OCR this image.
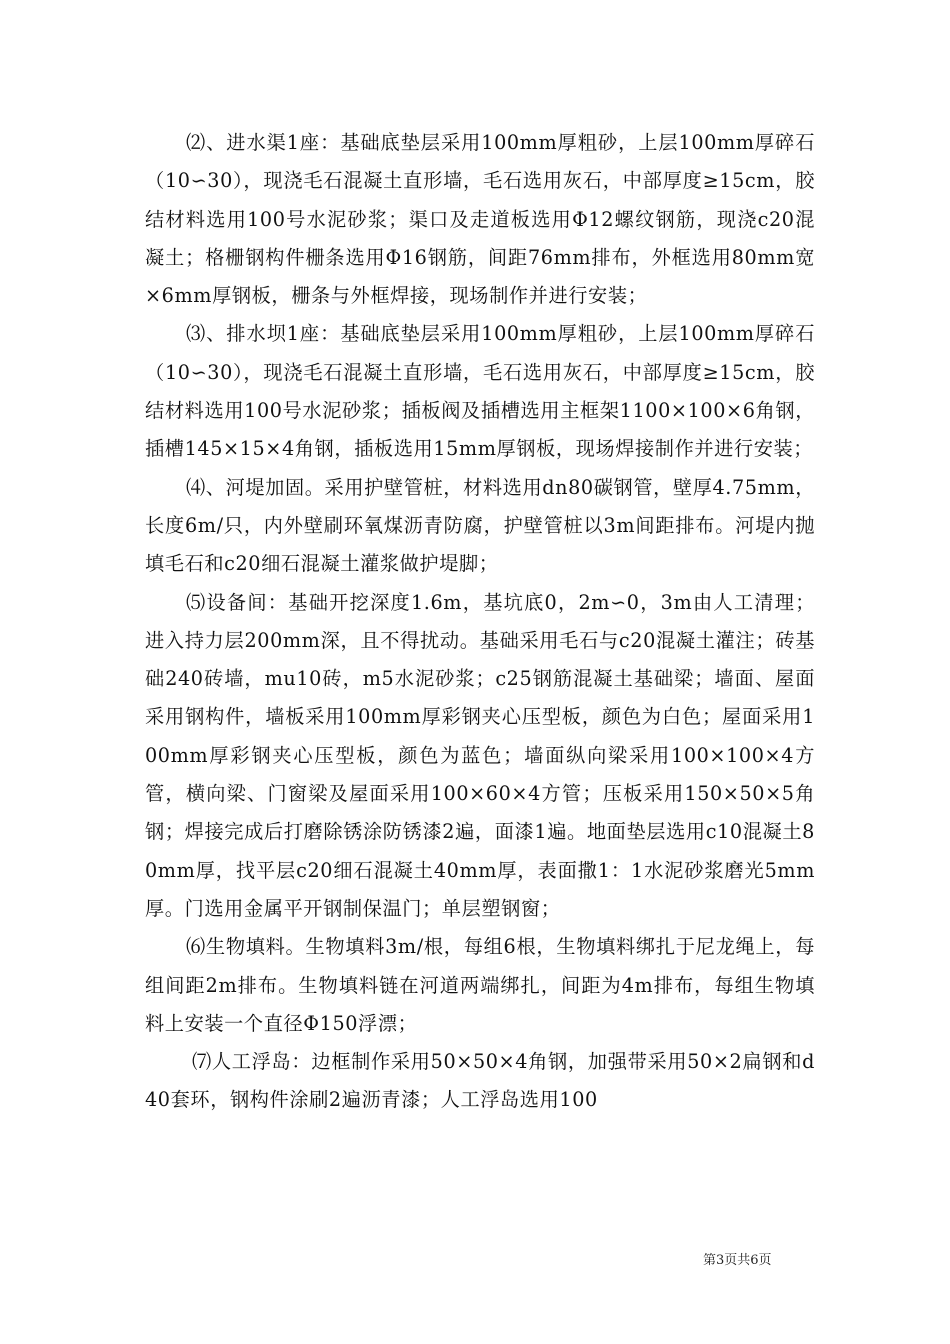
⑵、进水渠1座：基础底垫层采用100mm厚粗砂，上层100mm厚碎石（10∽30），现浇毛石混凝土直形墙，毛石选用灰石，中部厚度≥15cm，胶结材料选用100号水泥砂浆；渠口及走道板选用Φ12螺纹钢筋，现浇c20混凝土；格栅钢构件栅条选用Φ16钢筋，间距76mm排布，外框选用80mm宽×6mm厚钢板，栅条与外框焊接，现场制作并进行安装；

⑶、排水坝1座：基础底垫层采用100mm厚粗砂，上层100mm厚碎石（10∽30），现浇毛石混凝土直形墙，毛石选用灰石，中部厚度≥15cm，胶结材料选用100号水泥砂浆；插板阀及插槽选用主框架1100×100×6角钢，插槽145×15×4角钢，插板选用15mm厚钢板，现场焊接制作并进行安装；

⑷、河堤加固。采用护壁管桩，材料选用dn80碳钢管，壁厚4.75mm，长度6m/只，内外壁刷环氧煤沥青防腐，护壁管桩以3m间距排布。河堤内抛填毛石和c20细石混凝土灌浆做护堤脚；

⑸设备间：基础开挖深度1.6m，基坑底0，2m∽0，3m由人工清理；进入持力层200mm深，且不得扰动。基础采用毛石与c20混凝土灌注；砖基础240砖墙，mu10砖，m5水泥砂浆；c25钢筋混凝土基础梁；墙面、屋面采用钢构件，墙板采用100mm厚彩钢夹心压型板，颜色为白色；屋面采用100mm厚彩钢夹心压型板，颜色为蓝色；墙面纵向梁采用100×100×4方管，横向梁、门窗梁及屋面采用100×60×4方管；压板采用150×50×5角钢；焊接完成后打磨除锈涂防锈漆2遍，面漆1遍。地面垫层选用c10混凝土80mm厚，找平层c20细石混凝土40mm厚，表面撒1：1水泥砂浆磨光5mm厚。门选用金属平开钢制保温门；单层塑钢窗；

⑹生物填料。生物填料3m/根，每组6根，生物填料绑扎于尼龙绳上，每组间距2m排布。生物填料链在河道两端绑扎，间距为4m排布，每组生物填料上安装一个直径Φ150浮漂；

⑺人工浮岛：边框制作采用50×50×4角钢，加强带采用50×2扁钢和d40套环，钢构件涂刷2遍沥青漆；人工浮岛选用100

第3页共6页
